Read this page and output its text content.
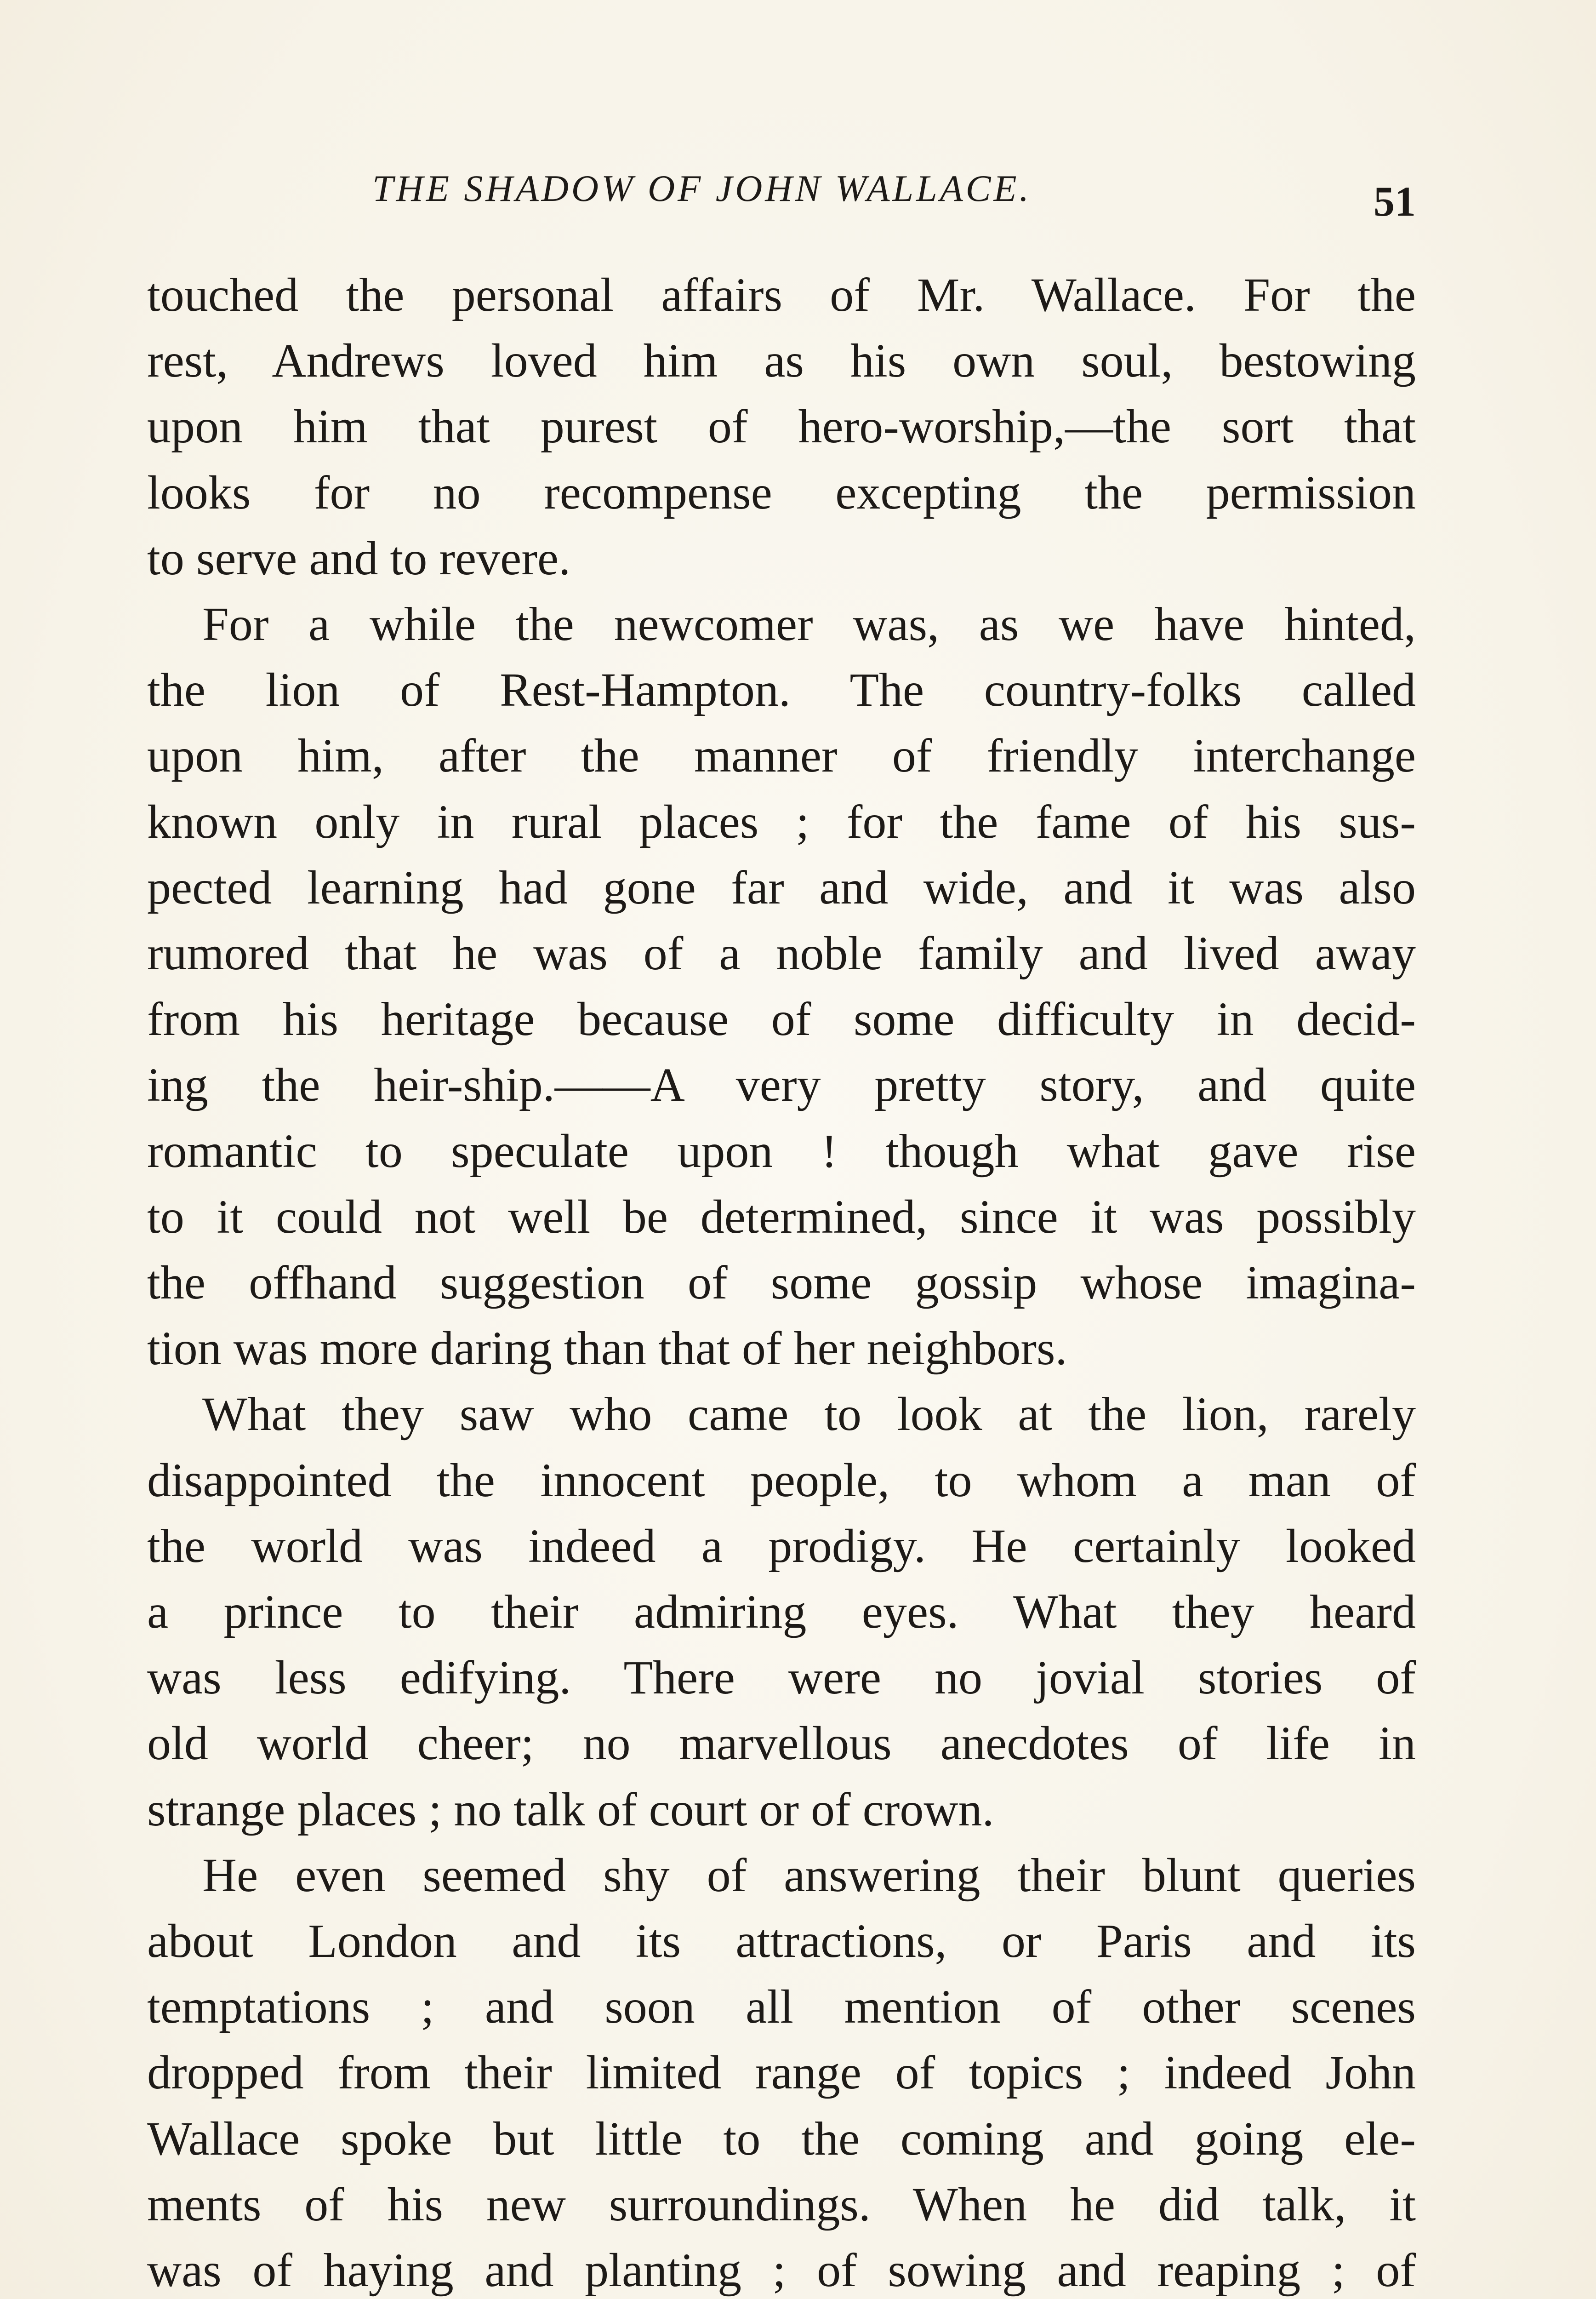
THE SHADOW OF JOHN WALLACE.	51

touched the personal affairs of Mr. Wallace. For the
rest, Andrews loved him as his own soul, bestowing
upon him that purest of hero-worship,—the sort that
looks for no recompense excepting the permission
to serve and to revere.

For a while the newcomer was, as we have hinted,
the lion of Rest-Hampton. The country-folks called
upon him, after the manner of friendly interchange
known only in rural places ; for the fame of his sus-
pected learning had gone far and wide, and it was also
rumored that he was of a noble family and lived away
from his heritage because of some difficulty in decid-
ing the heir-ship.——A very pretty story, and quite
romantic to speculate upon ! though what gave rise
to it could not well be determined, since it was possibly
the offhand suggestion of some gossip whose imagina-
tion was more daring than that of her neighbors.

What they saw who came to look at the lion, rarely
disappointed the innocent people, to whom a man of
the world was indeed a prodigy. He certainly looked
a prince to their admiring eyes. What they heard
was less edifying. There were no jovial stories of
old world cheer; no marvellous anecdotes of life in
strange places ; no talk of court or of crown.

He even seemed shy of answering their blunt queries
about London and its attractions, or Paris and its
temptations ; and soon all mention of other scenes
dropped from their limited range of topics ; indeed John
Wallace spoke but little to the coming and going ele-
ments of his new surroundings. When he did talk, it
was of haying and planting ; of sowing and reaping ; of
